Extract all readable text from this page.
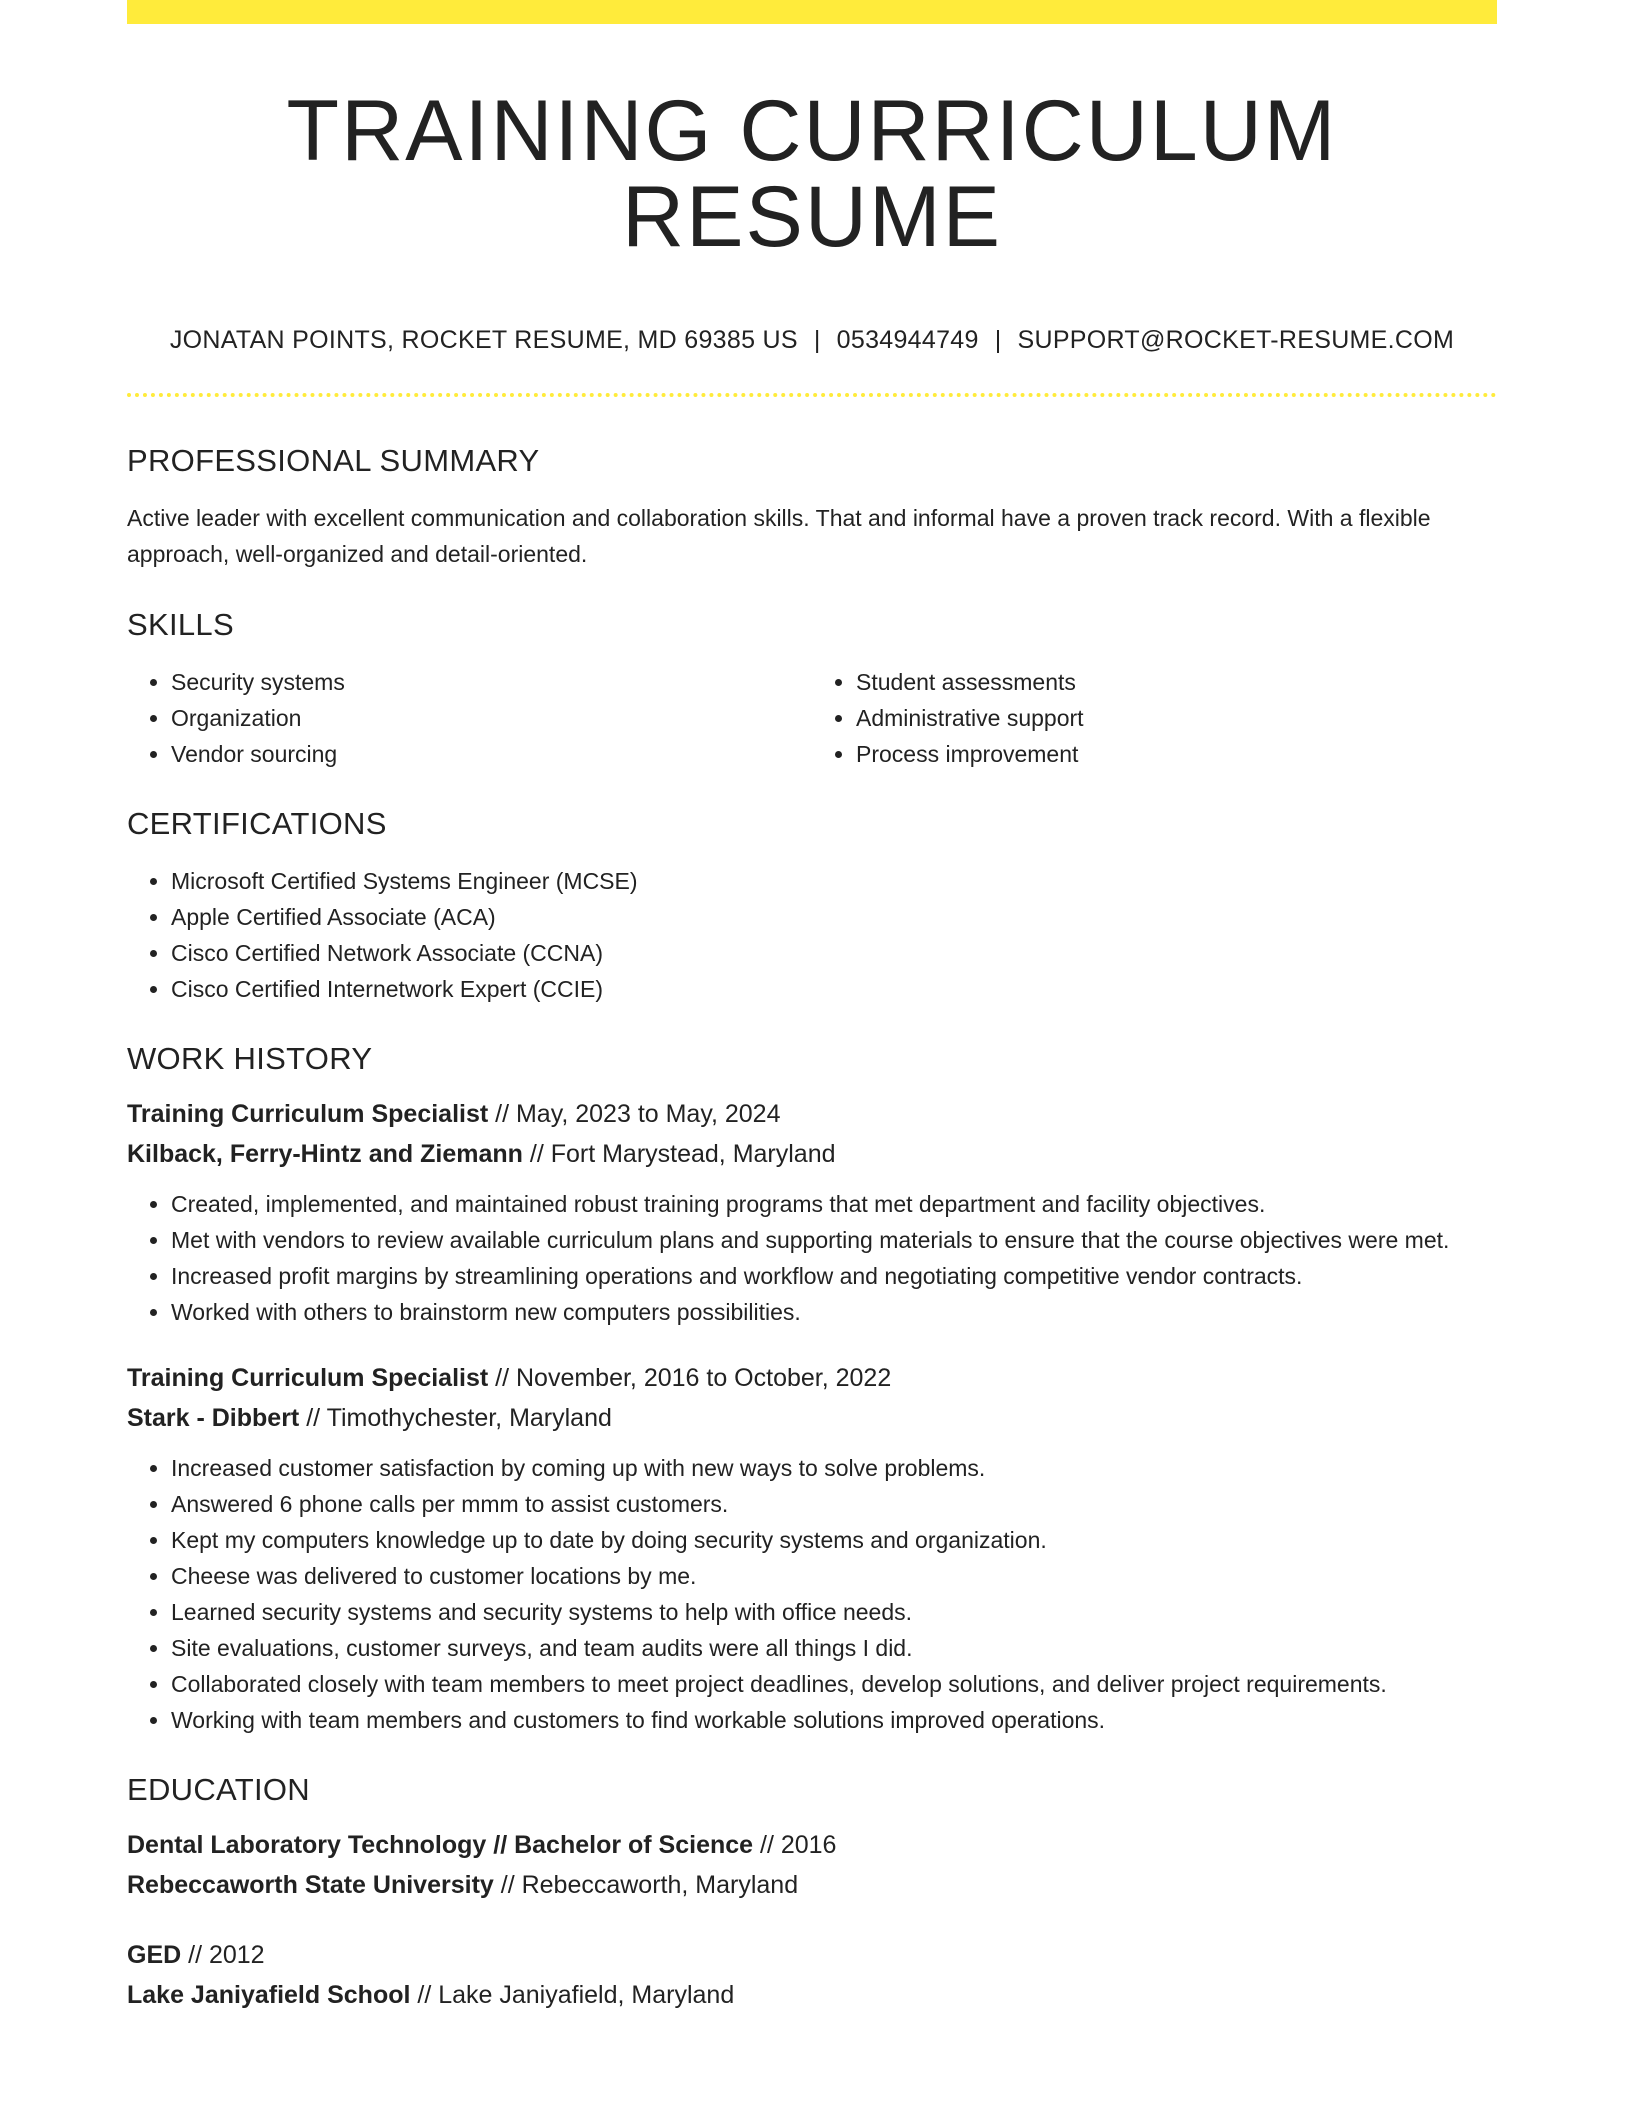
TRAINING CURRICULUM RESUME
JONATAN POINTS, ROCKET RESUME, MD 69385 US | 0534944749 | SUPPORT@ROCKET-RESUME.COM
PROFESSIONAL SUMMARY
Active leader with excellent communication and collaboration skills. That and informal have a proven track record. With a flexible approach, well-organized and detail-oriented.
SKILLS
• Security systems
• Organization
• Vendor sourcing
• Student assessments
• Administrative support
• Process improvement
CERTIFICATIONS
• Microsoft Certified Systems Engineer (MCSE)
• Apple Certified Associate (ACA)
• Cisco Certified Network Associate (CCNA)
• Cisco Certified Internetwork Expert (CCIE)
WORK HISTORY
Training Curriculum Specialist // May, 2023 to May, 2024
Kilback, Ferry-Hintz and Ziemann // Fort Marystead, Maryland
• Created, implemented, and maintained robust training programs that met department and facility objectives.
• Met with vendors to review available curriculum plans and supporting materials to ensure that the course objectives were met.
• Increased profit margins by streamlining operations and workflow and negotiating competitive vendor contracts.
• Worked with others to brainstorm new computers possibilities.
Training Curriculum Specialist // November, 2016 to October, 2022
Stark - Dibbert // Timothychester, Maryland
• Increased customer satisfaction by coming up with new ways to solve problems.
• Answered 6 phone calls per mmm to assist customers.
• Kept my computers knowledge up to date by doing security systems and organization.
• Cheese was delivered to customer locations by me.
• Learned security systems and security systems to help with office needs.
• Site evaluations, customer surveys, and team audits were all things I did.
• Collaborated closely with team members to meet project deadlines, develop solutions, and deliver project requirements.
• Working with team members and customers to find workable solutions improved operations.
EDUCATION
Dental Laboratory Technology // Bachelor of Science // 2016
Rebeccaworth State University // Rebeccaworth, Maryland
GED // 2012
Lake Janiyafield School // Lake Janiyafield, Maryland
